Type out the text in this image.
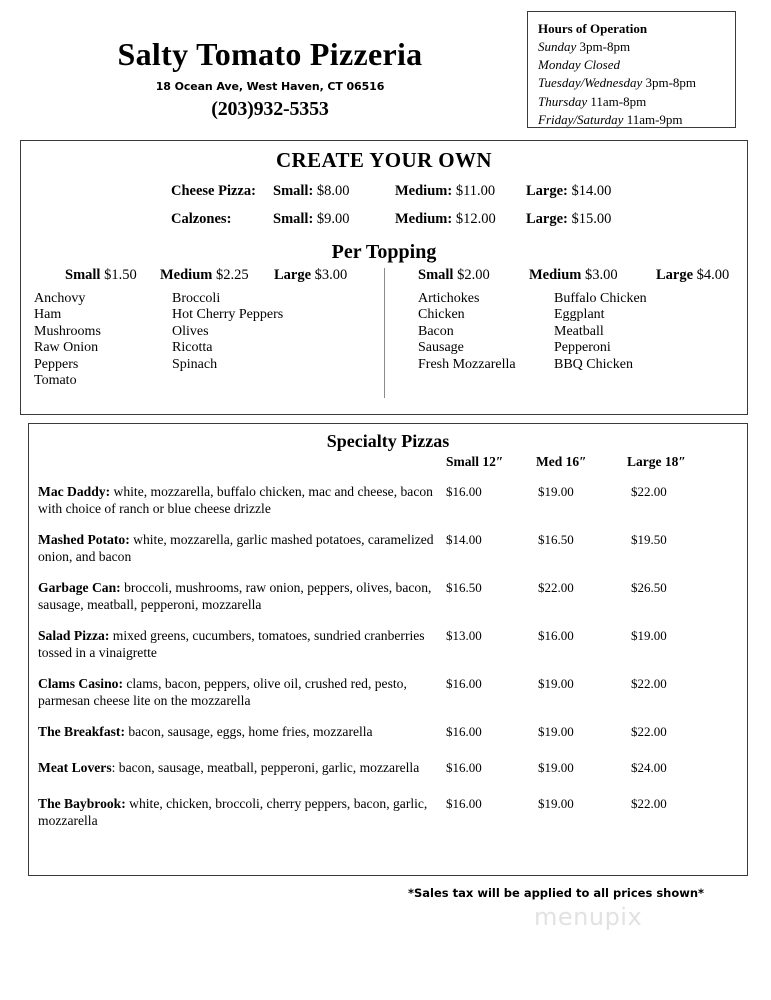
Salty Tomato Pizzeria
18 Ocean Ave, West Haven, CT 06516
(203)932-5353
Hours of Operation
Sunday 3pm-8pm
Monday Closed
Tuesday/Wednesday 3pm-8pm
Thursday 11am-8pm
Friday/Saturday 11am-9pm
CREATE YOUR OWN
Cheese Pizza: Small: $8.00	Medium: $11.00 Large: $14.00
Calzones:	Small: $9.00	Medium: $12.00 Large: $15.00
Per Topping
Small $1.50 Medium $2.25 Large $3.00
Anchovy
Ham
Mushrooms
Raw Onion
Peppers
Tomato
Broccoli
Hot Cherry Peppers
Olives
Ricotta
Spinach
Small $2.00	Medium $3.00	Large $4.00
Artichokes
Chicken
Bacon
Sausage
Fresh Mozzarella
Buffalo Chicken
Eggplant
Meatball
Pepperoni
BBQ Chicken
Specialty Pizzas
Small 12″ Med 16″	Large 18″
Mac Daddy: white, mozzarella, buffalo chicken, mac and cheese, bacon with choice of ranch or blue cheese drizzle
$16.00	$19.00	$22.00
Mashed Potato: white, mozzarella, garlic mashed potatoes, caramelized onion, and bacon
$14.00	$16.50	$19.50
Garbage Can: broccoli, mushrooms, raw onion, peppers, olives, bacon, sausage, meatball, pepperoni, mozzarella
$16.50	$22.00	$26.50
Salad Pizza: mixed greens, cucumbers, tomatoes, sundried cranberries tossed in a vinaigrette
$13.00	$16.00	$19.00
Clams Casino: clams, bacon, peppers, olive oil, crushed red, pesto, parmesan cheese lite on the mozzarella
$16.00	$19.00	$22.00
The Breakfast: bacon, sausage, eggs, home fries, mozzarella	$16.00	$19.00	$22.00
Meat Lovers: bacon, sausage, meatball, pepperoni, garlic, mozzarella	$16.00	$19.00	$24.00
The Baybrook: white, chicken, broccoli, cherry peppers, bacon, garlic, mozzarella
$16.00	$19.00	$22.00
*Sales tax will be applied to all prices shown*
menupix
